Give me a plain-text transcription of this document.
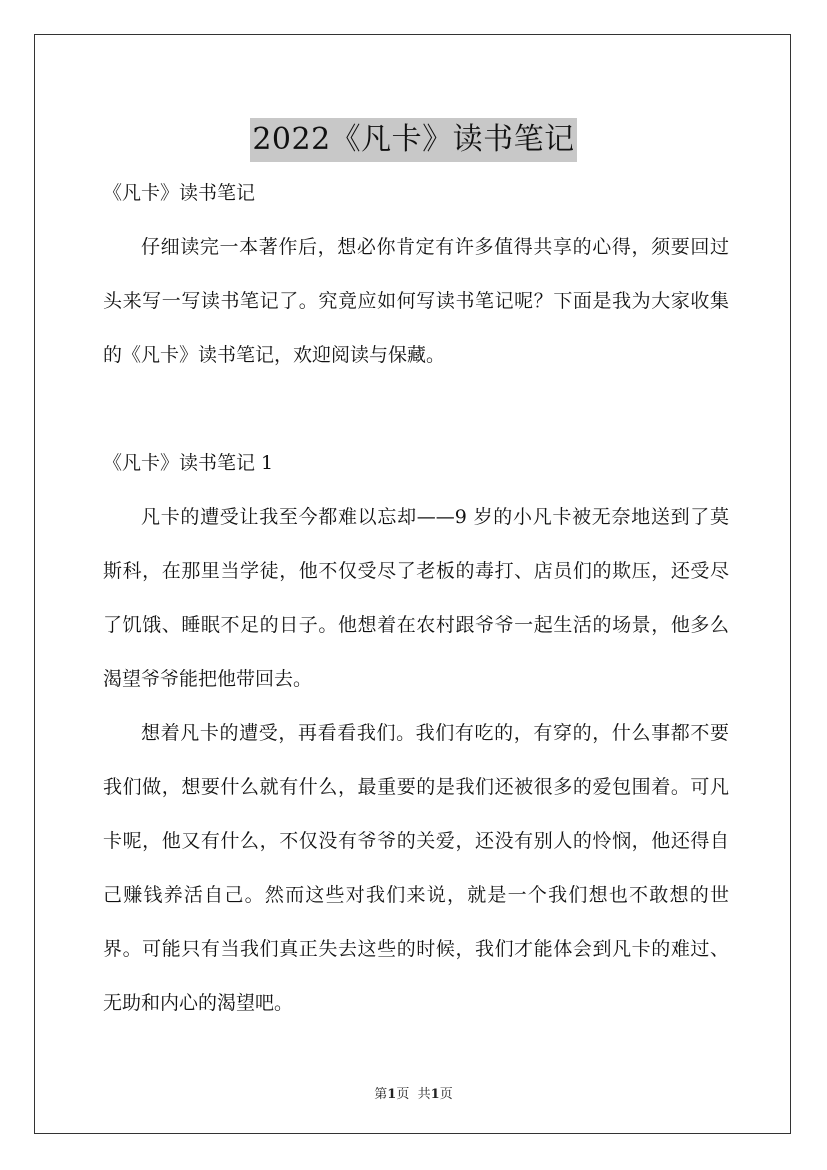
2022《凡卡》读书笔记

《凡卡》读书笔记

仔细读完一本著作后，想必你肯定有许多值得共享的心得，须要回过头来写一写读书笔记了。究竟应如何写读书笔记呢？下面是我为大家收集的《凡卡》读书笔记，欢迎阅读与保藏。

《凡卡》读书笔记 1

凡卡的遭受让我至今都难以忘却——9 岁的小凡卡被无奈地送到了莫斯科，在那里当学徒，他不仅受尽了老板的毒打、店员们的欺压，还受尽了饥饿、睡眠不足的日子。他想着在农村跟爷爷一起生活的场景，他多么渴望爷爷能把他带回去。

想着凡卡的遭受，再看看我们。我们有吃的，有穿的，什么事都不要我们做，想要什么就有什么，最重要的是我们还被很多的爱包围着。可凡卡呢，他又有什么，不仅没有爷爷的关爱，还没有别人的怜悯，他还得自己赚钱养活自己。然而这些对我们来说，就是一个我们想也不敢想的世界。可能只有当我们真正失去这些的时候，我们才能体会到凡卡的难过、无助和内心的渴望吧。

第1页 共1页
